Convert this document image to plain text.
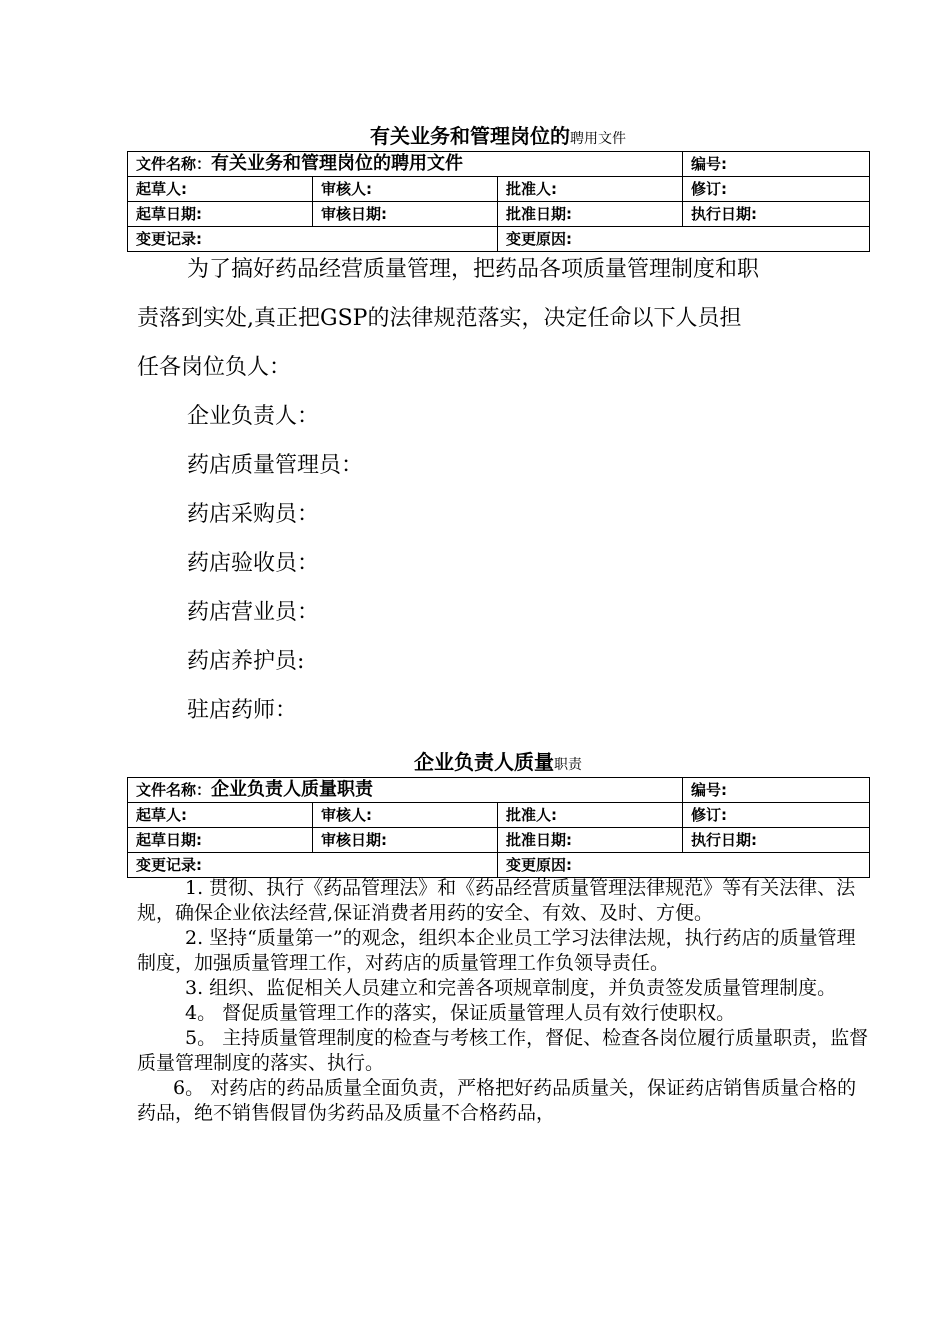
有关业务和管理岗位的聘用文件
文件名称：有关业务和管理岗位的聘用文件			编号:
起草人:	审核人:	批准人:	修订:
起草日期:	审核日期:	批准日期:	执行日期:
变更记录:		变更原因:	

为了搞好药品经营质量管理，把药品各项质量管理制度和职

责落到实处,真正把GSP的法律规范落实，决定任命以下人员担

任各岗位负人：

企业负责人：
药店质量管理员：
药店采购员：
药店验收员：
药店营业员：
药店养护员:
驻店药师：
企业负责人质量职责
文件名称：企业负责人质量职责			编号:
起草人:	审核人:	批准人:	修订:
起草日期:	审核日期:	批准日期:	执行日期:
变更记录:		变更原因:	

1. 贯彻、执行《药品管理法》和《药品经营质量管理法律规范》等有关法律、法规，确保企业依法经营,保证消费者用药的安全、有效、及时、方便。

2. 坚持“质量第一”的观念，组织本企业员工学习法律法规，执行药店的质量管理制度，加强质量管理工作，对药店的质量管理工作负领导责任。

3. 组织、监促相关人员建立和完善各项规章制度，并负责签发质量管理制度。

4。 督促质量管理工作的落实，保证质量管理人员有效行使职权。

5。 主持质量管理制度的检查与考核工作，督促、检查各岗位履行质量职责，监督质量管理制度的落实、执行。

6。 对药店的药品质量全面负责，严格把好药品质量关，保证药店销售质量合格的药品，绝不销售假冒伪劣药品及质量不合格药品，
